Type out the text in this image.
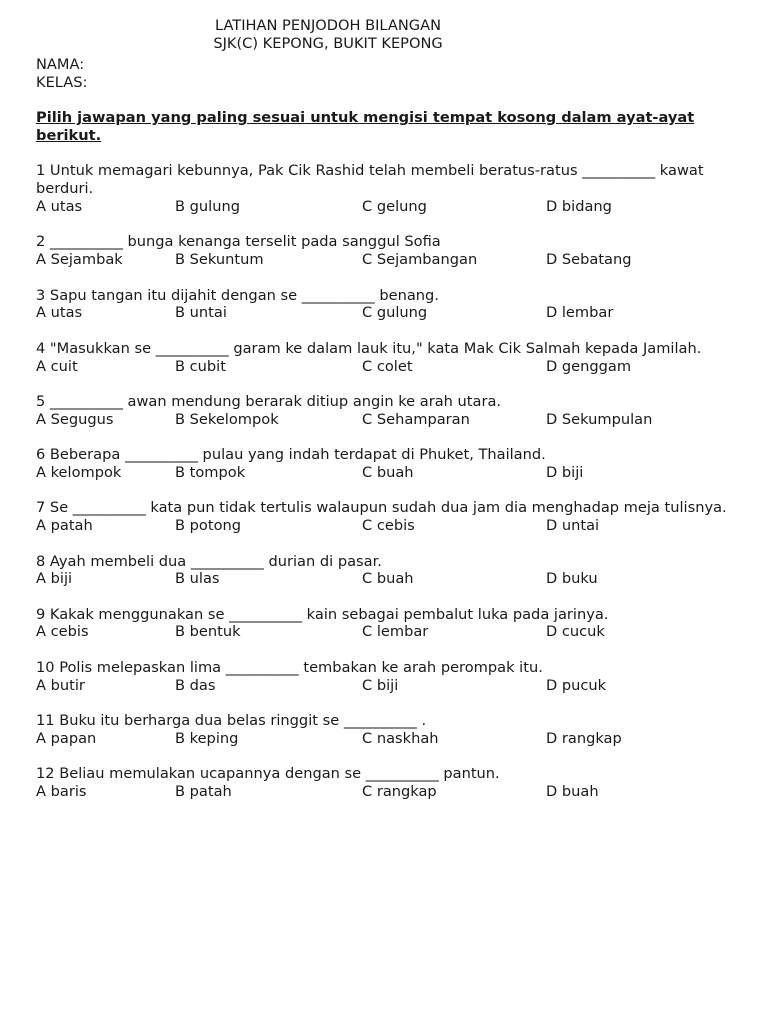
LATIHAN PENJODOH BILANGAN
SJK(C) KEPONG, BUKIT KEPONG
NAMA:
KELAS:
Pilih jawapan yang paling sesuai untuk mengisi tempat kosong dalam ayat-ayat berikut.
1 Untuk memagari kebunnya, Pak Cik Rashid telah membeli beratus-ratus __________ kawat berduri.
A utas	B gulung	C gelung	D bidang
2 __________ bunga kenanga terselit pada sanggul Sofia
A Sejambak	B Sekuntum	C Sejambangan	D Sebatang
3 Sapu tangan itu dijahit dengan se __________ benang.
A utas	B untai	C gulung	D lembar
4 "Masukkan se __________ garam ke dalam lauk itu," kata Mak Cik Salmah kepada Jamilah.
A cuit	B cubit	C colet	D genggam
5 __________ awan mendung berarak ditiup angin ke arah utara.
A Segugus	B Sekelompok	C Sehamparan	D Sekumpulan
6 Beberapa __________ pulau yang indah terdapat di Phuket, Thailand.
A kelompok	B tompok	C buah	D biji
7 Se __________ kata pun tidak tertulis walaupun sudah dua jam dia menghadap meja tulisnya.
A patah	B potong	C cebis	D untai
8 Ayah membeli dua __________ durian di pasar.
A biji	B ulas	C buah	D buku
9 Kakak menggunakan se __________ kain sebagai pembalut luka pada jarinya.
A cebis	B bentuk	C lembar	D cucuk
10 Polis melepaskan lima __________ tembakan ke arah perompak itu.
A butir	B das	C biji	D pucuk
11 Buku itu berharga dua belas ringgit se __________ .
A papan	B keping	C naskhah	D rangkap
12 Beliau memulakan ucapannya dengan se __________ pantun.
A baris	B patah	C rangkap	D buah
